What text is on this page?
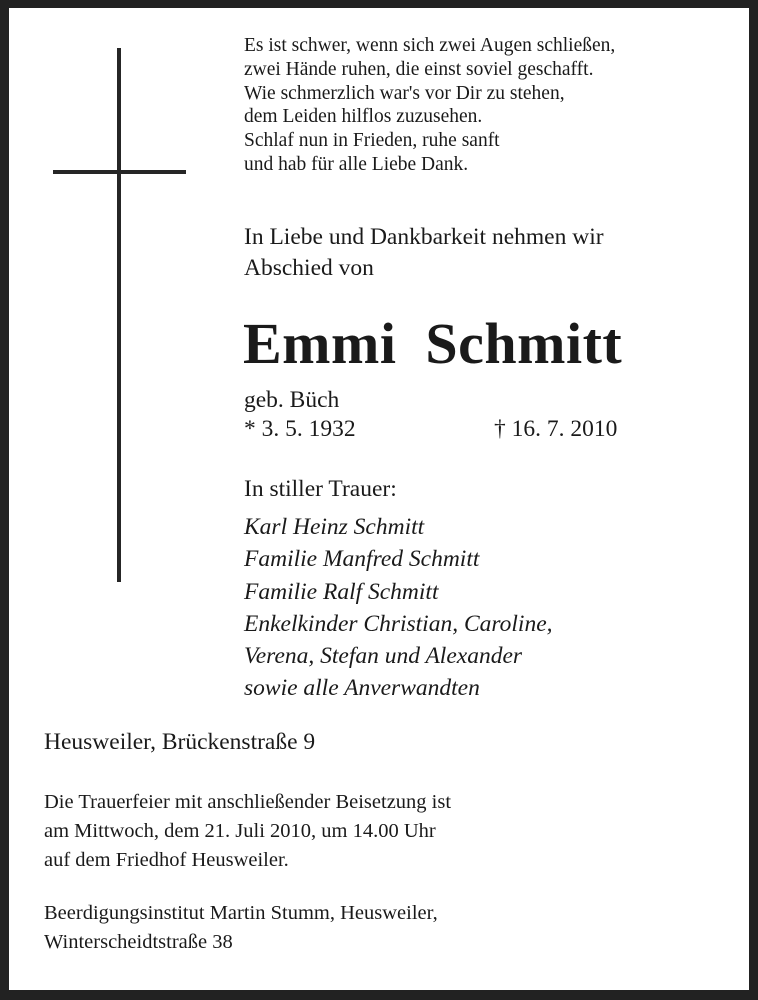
Es ist schwer, wenn sich zwei Augen schließen,
zwei Hände ruhen, die einst soviel geschafft.
Wie schmerzlich war's vor Dir zu stehen,
dem Leiden hilflos zuzusehen.
Schlaf nun in Frieden, ruhe sanft
und hab für alle Liebe Dank.
In Liebe und Dankbarkeit nehmen wir
Abschied von
Emmi Schmitt
geb. Büch
* 3. 5. 1932	† 16. 7. 2010
In stiller Trauer:
Karl Heinz Schmitt
Familie Manfred Schmitt
Familie Ralf Schmitt
Enkelkinder Christian, Caroline,
Verena, Stefan und Alexander
sowie alle Anverwandten
Heusweiler, Brückenstraße 9
Die Trauerfeier mit anschließender Beisetzung ist
am Mittwoch, dem 21. Juli 2010, um 14.00 Uhr
auf dem Friedhof Heusweiler.
Beerdigungsinstitut Martin Stumm, Heusweiler,
Winterscheidtstraße 38
